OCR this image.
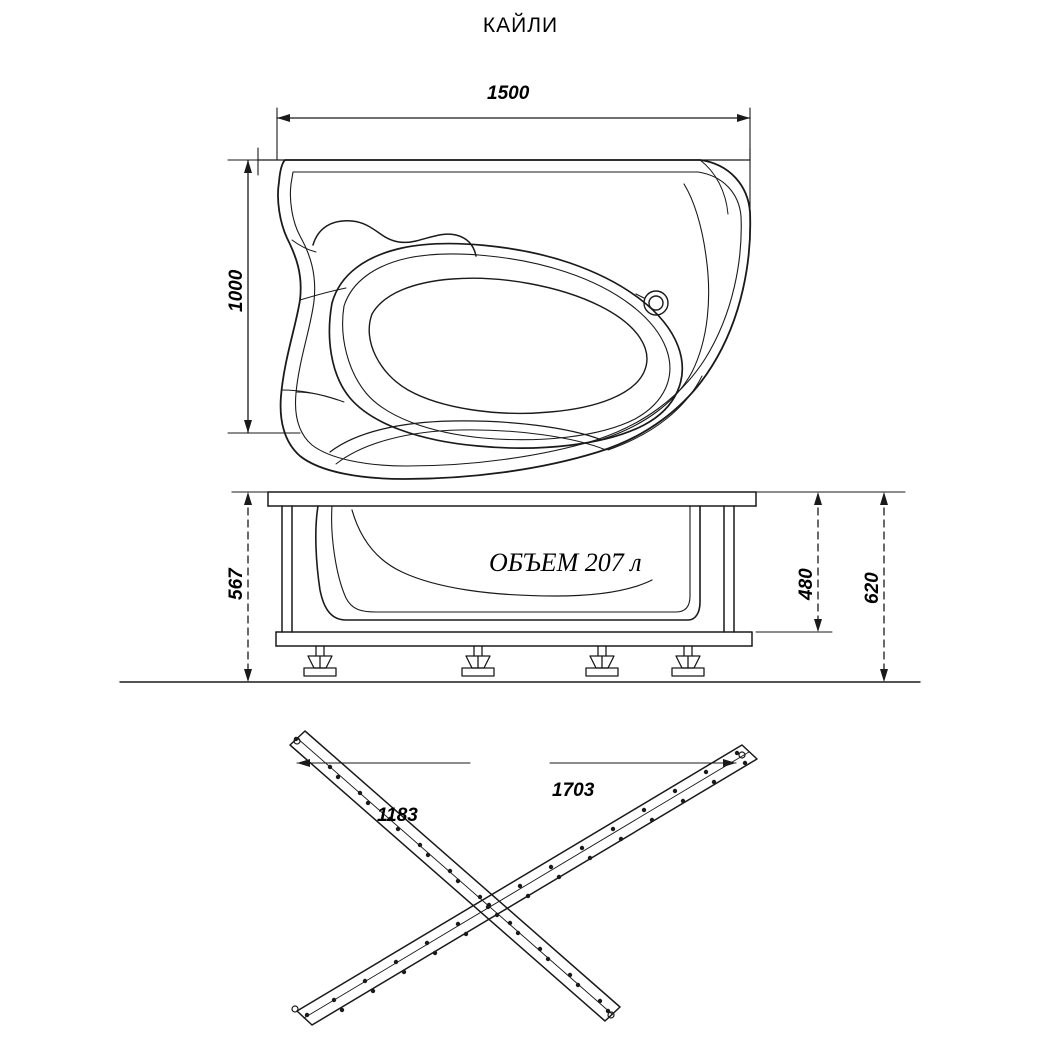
КАЙЛИ
1500
1000
567	480 620
ОБЪЕМ 207 л
1183
1703
